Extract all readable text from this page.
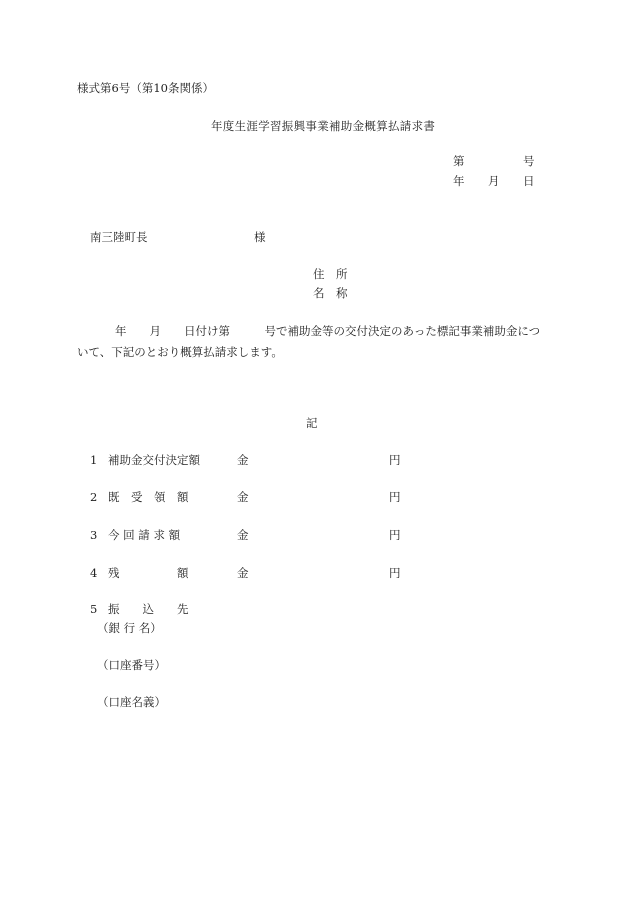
様式第6号（第10条関係）
年度生涯学習振興事業補助金概算払請求書
第	号
年 月 日
南三陸町長	様
住　所
名　称
年　　月　　日付け第　　　号で補助金等の交付決定のあった標記事業補助金につ
いて、下記のとおり概算払請求します。
記
1 補助金交付決定額	金	円
2 既　受　領　額	金	円
3 今 回 請 求 額	金	円
4 残　　　　　額	金	円
5 振　　込　　先
（銀 行 名）
（口座番号）
（口座名義）
